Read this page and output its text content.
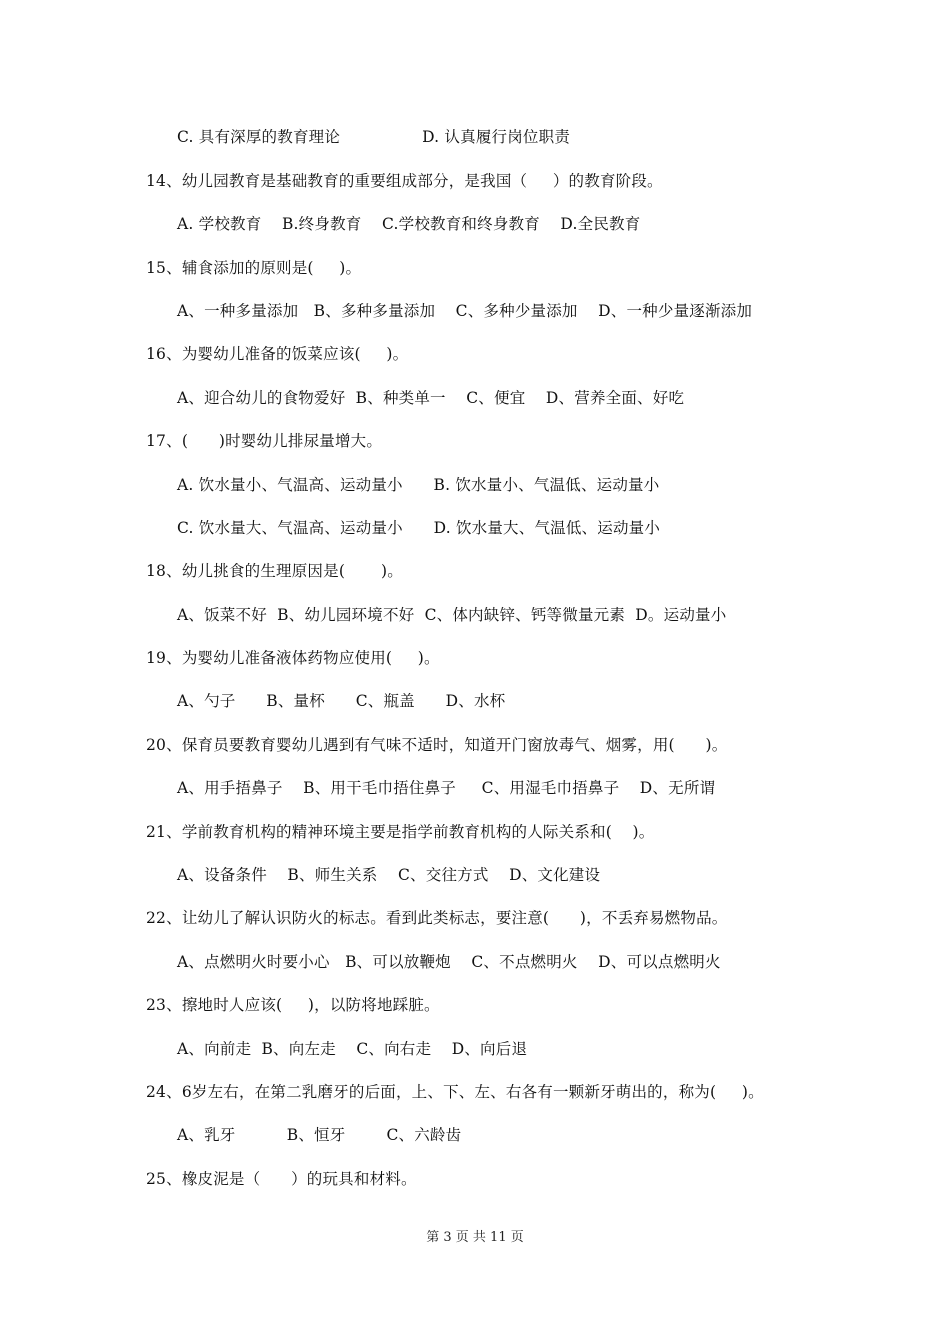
C. 具有深厚的教育理论                D. 认真履行岗位职责
14、幼儿园教育是基础教育的重要组成部分，是我国（     ）的教育阶段。
A. 学校教育    B.终身教育    C.学校教育和终身教育    D.全民教育
15、辅食添加的原则是(     )。
A、一种多量添加   B、多种多量添加    C、多种少量添加    D、一种少量逐渐添加
16、为婴幼儿准备的饭菜应该(     )。
A、迎合幼儿的食物爱好  B、种类单一    C、便宜    D、营养全面、好吃
17、(      )时婴幼儿排尿量增大。
A. 饮水量小、气温高、运动量小      B. 饮水量小、气温低、运动量小
C. 饮水量大、气温高、运动量小      D. 饮水量大、气温低、运动量小
18、幼儿挑食的生理原因是(       )。
A、饭菜不好  B、幼儿园环境不好  C、体内缺锌、钙等微量元素  D。运动量小
19、为婴幼儿准备液体药物应使用(     )。
A、勺子      B、量杯      C、瓶盖      D、水杯
20、保育员要教育婴幼儿遇到有气味不适时，知道开门窗放毒气、烟雾，用(      )。
A、用手捂鼻子    B、用干毛巾捂住鼻子     C、用湿毛巾捂鼻子    D、无所谓
21、学前教育机构的精神环境主要是指学前教育机构的人际关系和(    )。
A、设备条件    B、师生关系    C、交往方式    D、文化建设
22、让幼儿了解认识防火的标志。看到此类标志，要注意(      )，不丢弃易燃物品。
A、点燃明火时要小心   B、可以放鞭炮    C、不点燃明火    D、可以点燃明火
23、擦地时人应该(     )，以防将地踩脏。
A、向前走  B、向左走    C、向右走    D、向后退
24、6岁左右，在第二乳磨牙的后面，上、下、左、右各有一颗新牙萌出的，称为(     )。
A、乳牙          B、恒牙        C、六龄齿
25、橡皮泥是（      ）的玩具和材料。
第 3 页 共 11 页
